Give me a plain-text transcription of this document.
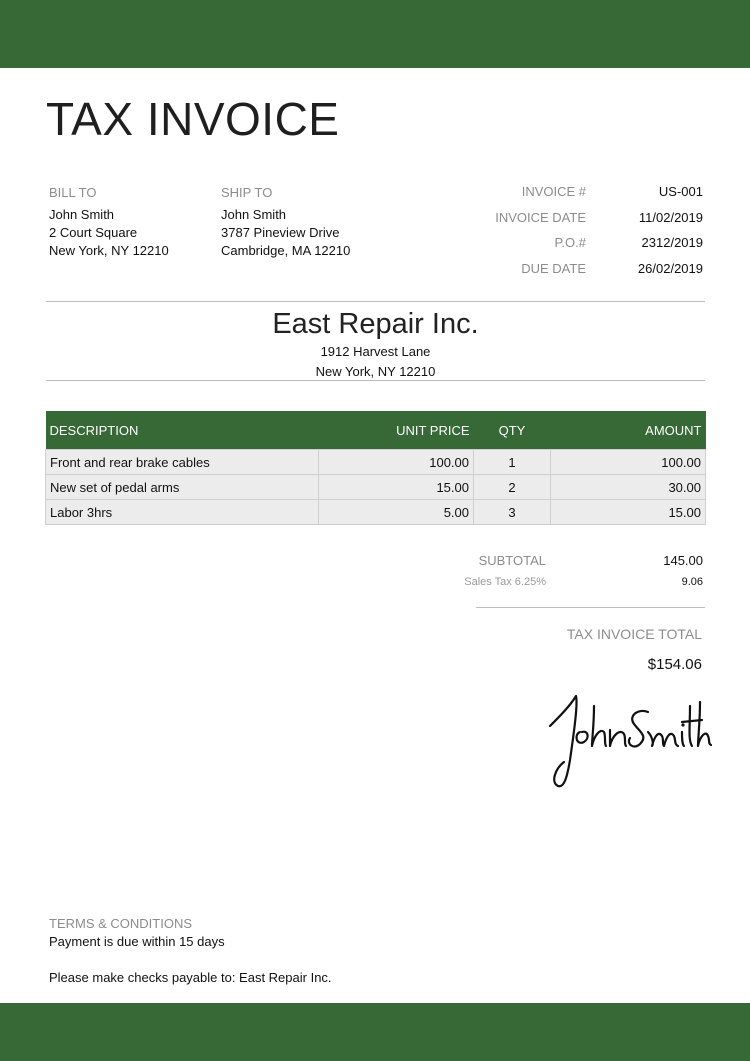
TAX INVOICE
BILL TO
John Smith
2 Court Square
New York, NY 12210
SHIP TO
John Smith
3787 Pineview Drive
Cambridge, MA 12210
INVOICE #	US-001
INVOICE DATE	11/02/2019
P.O.#	2312/2019
DUE DATE	26/02/2019
East Repair Inc.
1912 Harvest Lane
New York, NY 12210
DESCRIPTION	UNIT PRICE	QTY	AMOUNT
Front and rear brake cables	100.00	1	100.00
New set of pedal arms	15.00	2	30.00
Labor 3hrs	5.00	3	15.00
SUBTOTAL	145.00
Sales Tax 6.25%	9.06
TAX INVOICE TOTAL
$154.06
TERMS & CONDITIONS
Payment is due within 15 days
Please make checks payable to: East Repair Inc.
